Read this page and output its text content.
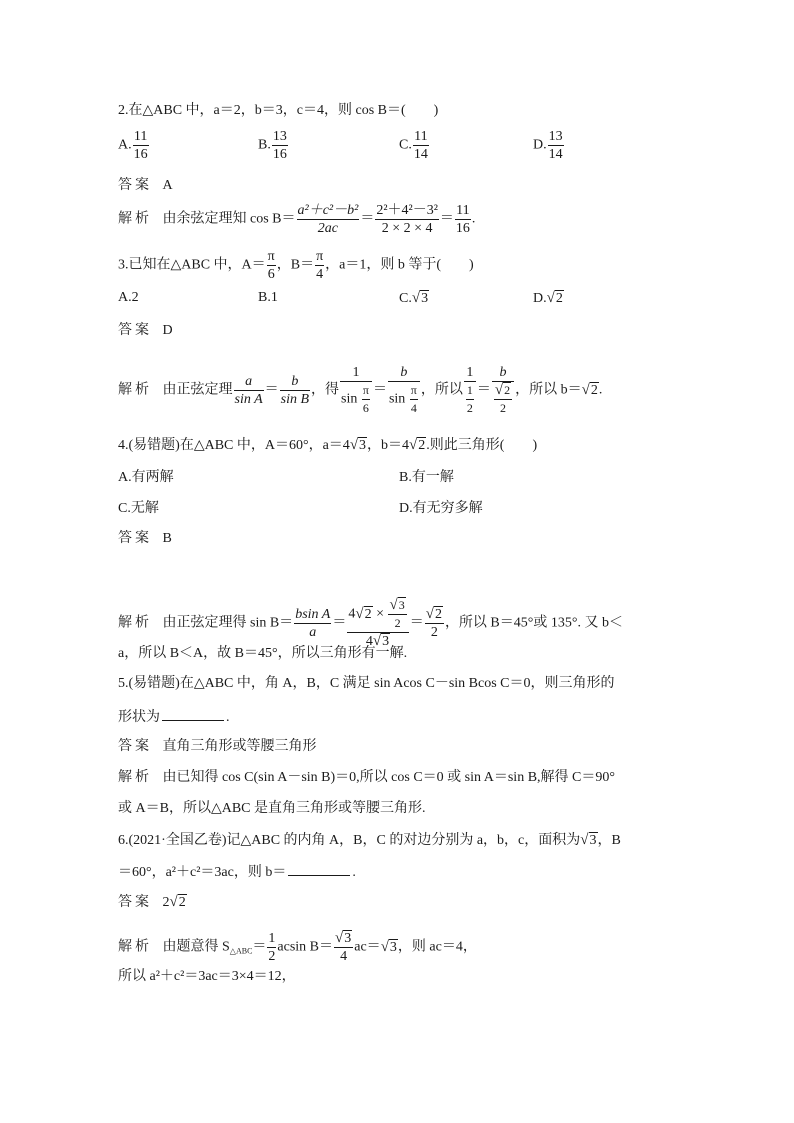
2.在△ABC 中，a＝2，b＝3，c＝4，则 cos B＝(　　)
A. $\frac{11}{16}$	B. $\frac{13}{16}$	C. $\frac{11}{14}$	D. $\frac{13}{14}$
答案 A
解析 由余弦定理知 $\cos B= \frac{\text{a²＋c²－b²}}{2ac} = \frac{\text{2²＋4²－3²}}{2 \times 2 \times 4} = \frac{11}{16}$ .
3.已知在△ABC 中，$A= \frac{\pi}{6}$ ，$B= \frac{\pi}{4}$ ，a＝1，则 b 等于(　　)
A.2	B.1	C.√3	D.√2
答案 D
解析 由正弦定理 $\frac{a}{\text{sin A}} = \frac{b}{\text{sin B}}$ ，得 $\frac{1}{\sin \frac{\pi}{6}} = \frac{b}{\sin \frac{\pi}{4}}$ ，所以 $\frac{1}{\frac{1}{2}} = \frac{b}{\frac{√2}{2}}$ ，所以 b＝√2.
4.(易错题)在△ABC 中，A＝60°，a＝4√3，b＝4√2.则此三角形(　　)
A.有两解	B.有一解
C.无解	D.有无穷多解
答案 B
解析 由正弦定理得 $\sin B= \frac{\text{bsin A}}{a} = \frac{4√2 \times \frac{√3}{2}}{4√3} = \frac{√2}{2}$ ，所以 B＝45°或 135°. 又 b＜
a，所以 B＜A，故 B＝45°，所以三角形有一解.
5.(易错题)在△ABC 中，角 A，B，C 满足 sin Acos C－sin Bcos C＝0，则三角形的
形状为	.
答案 直角三角形或等腰三角形
解析 由已知得 cos C(sin A－sin B)＝0,所以 cos C＝0 或 sin A＝sin B,解得 C＝90°
或 A＝B，所以△ABC 是直角三角形或等腰三角形.
6.(2021·全国乙卷)记△ABC 的内角 A，B，C 的对边分别为 a，b，c，面积为√3，B
＝60°，a²＋c²＝3ac，则 b＝	.
答案 2√2
解析 由题意得 $S_{\triangle ABC}= \frac{1}{2}$ acsin $B= \frac{√3}{4} ac=√3$，则 ac＝4，
所以 a²＋c²＝3ac＝3×4＝12，
